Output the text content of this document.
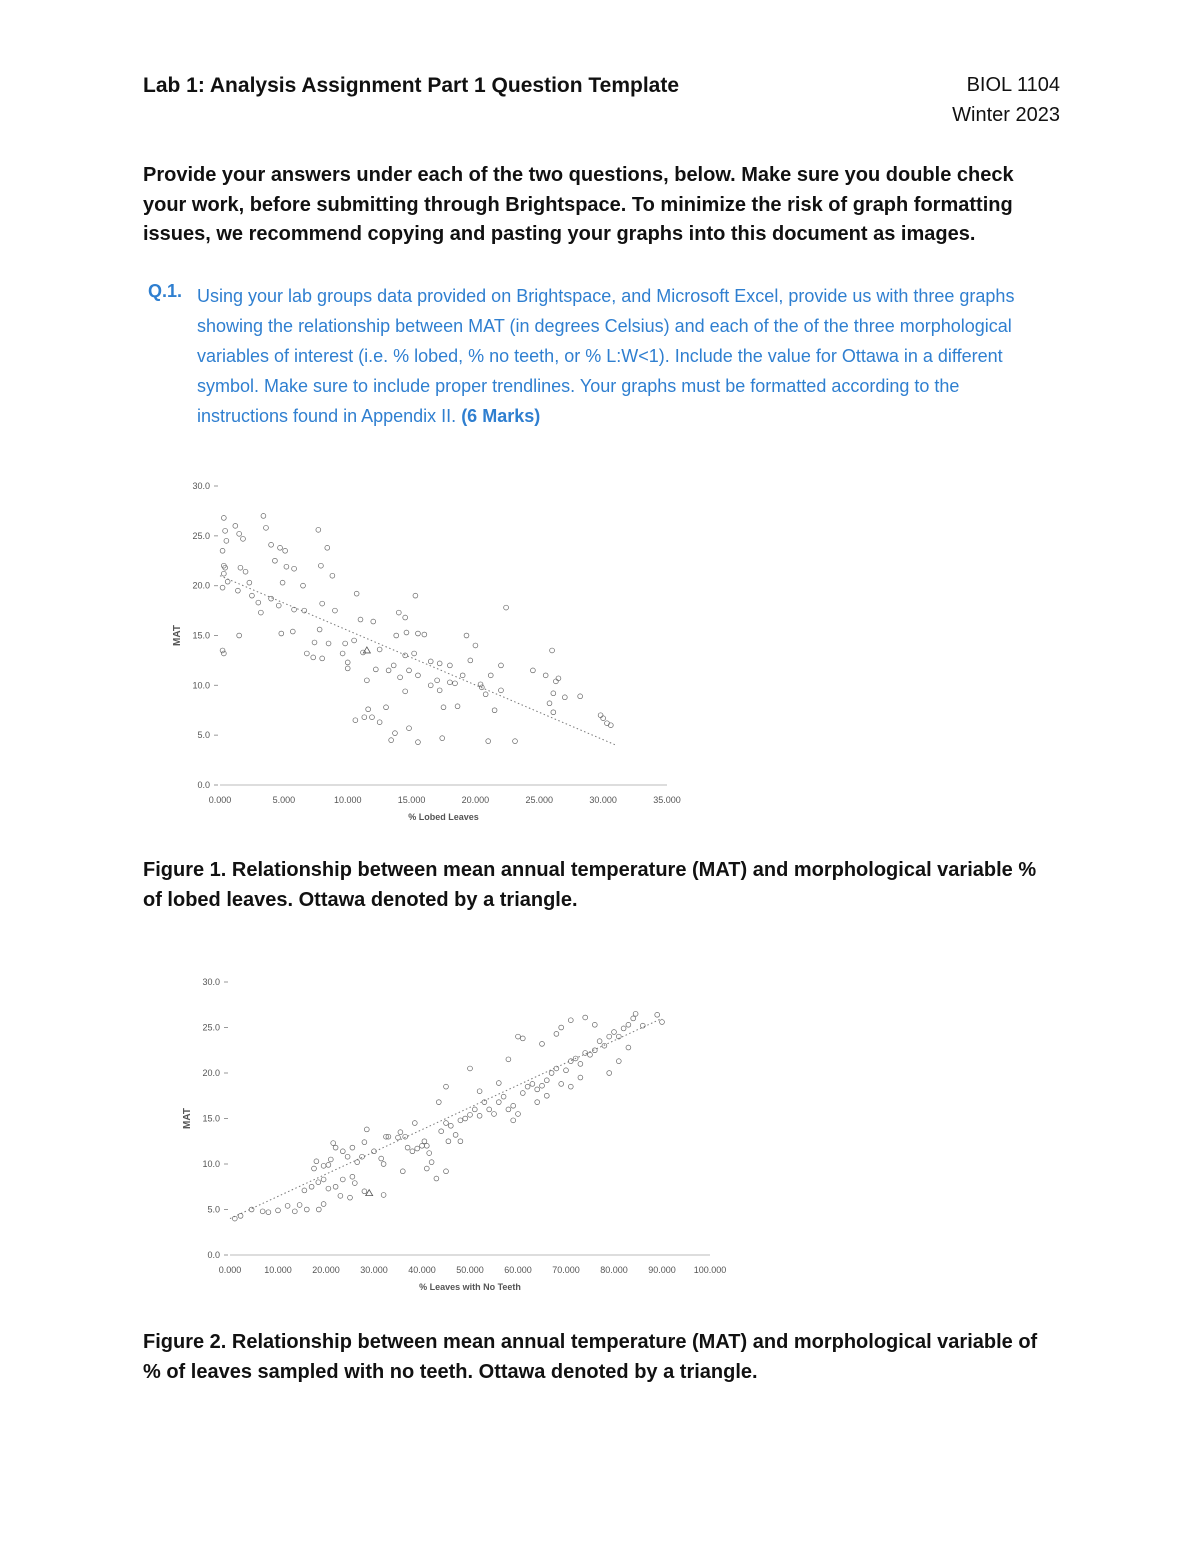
Lab 1: Analysis Assignment Part 1 Question Template	BIOL 1104
Winter 2023
Provide your answers under each of the two questions, below. Make sure you double check your work, before submitting through Brightspace. To minimize the risk of graph formatting issues, we recommend copying and pasting your graphs into this document as images.
Q.1. Using your lab groups data provided on Brightspace, and Microsoft Excel, provide us with three graphs showing the relationship between MAT (in degrees Celsius) and each of the of the three morphological variables of interest (i.e. % lobed, % no teeth, or % L:W<1). Include the value for Ottawa in a different symbol. Make sure to include proper trendlines. Your graphs must be formatted according to the instructions found in Appendix II. (6 Marks)
0.0
5.0
10.0
15.0
20.0
25.0
30.0
0.000	5.000	10.000	15.000	20.000	25.000	30.000	35.000
% Lobed Leaves
MAT
Figure 1. Relationship between mean annual temperature (MAT) and morphological variable % of lobed leaves. Ottawa denoted by a triangle.
0.0
5.0
10.0
15.0
20.0
25.0
30.0
0.000	10.000 20.000 30.000 40.000 50.000 60.000 70.000 80.000 90.000 100.000
% Leaves with No Teeth
MAT
Figure 2. Relationship between mean annual temperature (MAT) and morphological variable of % of leaves sampled with no teeth. Ottawa denoted by a triangle.
